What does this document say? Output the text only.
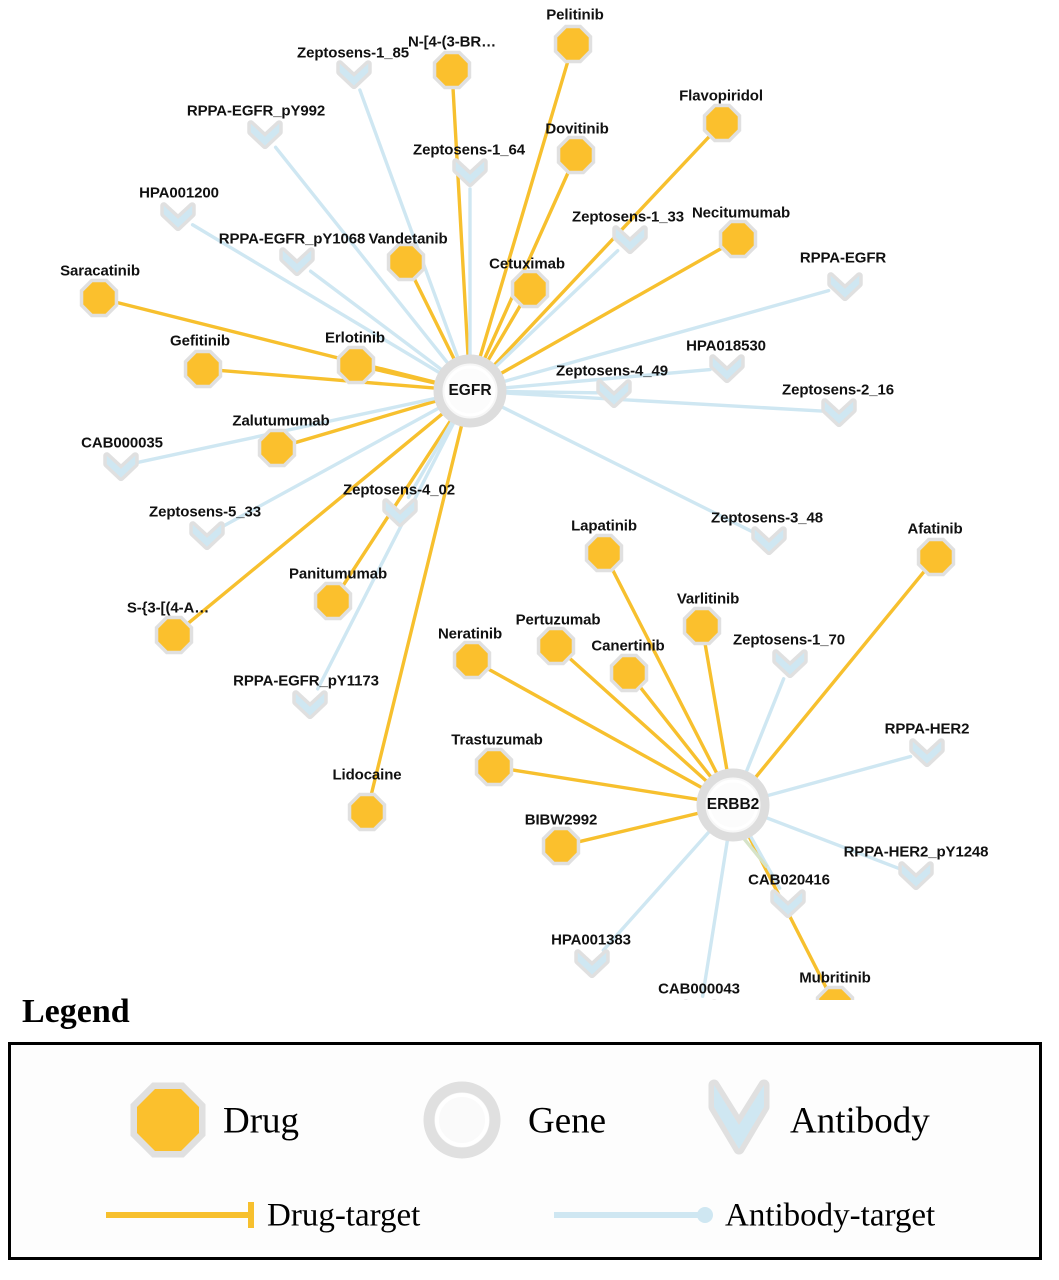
Zeptosens-1_85
RPPA-EGFR_pY992
Zeptosens-1_64
HPA001200
Zeptosens-1_33
RPPA-EGFR_pY1068
RPPA-EGFR
HPA018530
Zeptosens-4_49
Zeptosens-2_16
CAB000035
Zeptosens-4_02
Zeptosens-5_33	Zeptosens-3_48
Zeptosens-1_70
RPPA-EGFR_pY1173
RPPA-HER2
RPPA-HER2_pY1248
CAB020416
HPA001383
CAB000043
Pelitinib
N-[4-(3-BR…
Flavopiridol
Dovitinib
Necitumumab
Vandetanib
Cetuximab
Saracatinib
Gefitinib	Erlotinib
Zalutumumab
Panitumumab
S-{3-[(4-A…
Lapatinib	Afatinib
Varlitinib
Pertuzumab
Neratinib
Canertinib
Trastuzumab
Lidocaine
BIBW2992
Mubritinib
EGFR
ERBB2
Legend
Drug	Gene	Antibody
Drug-target	Antibody-target
